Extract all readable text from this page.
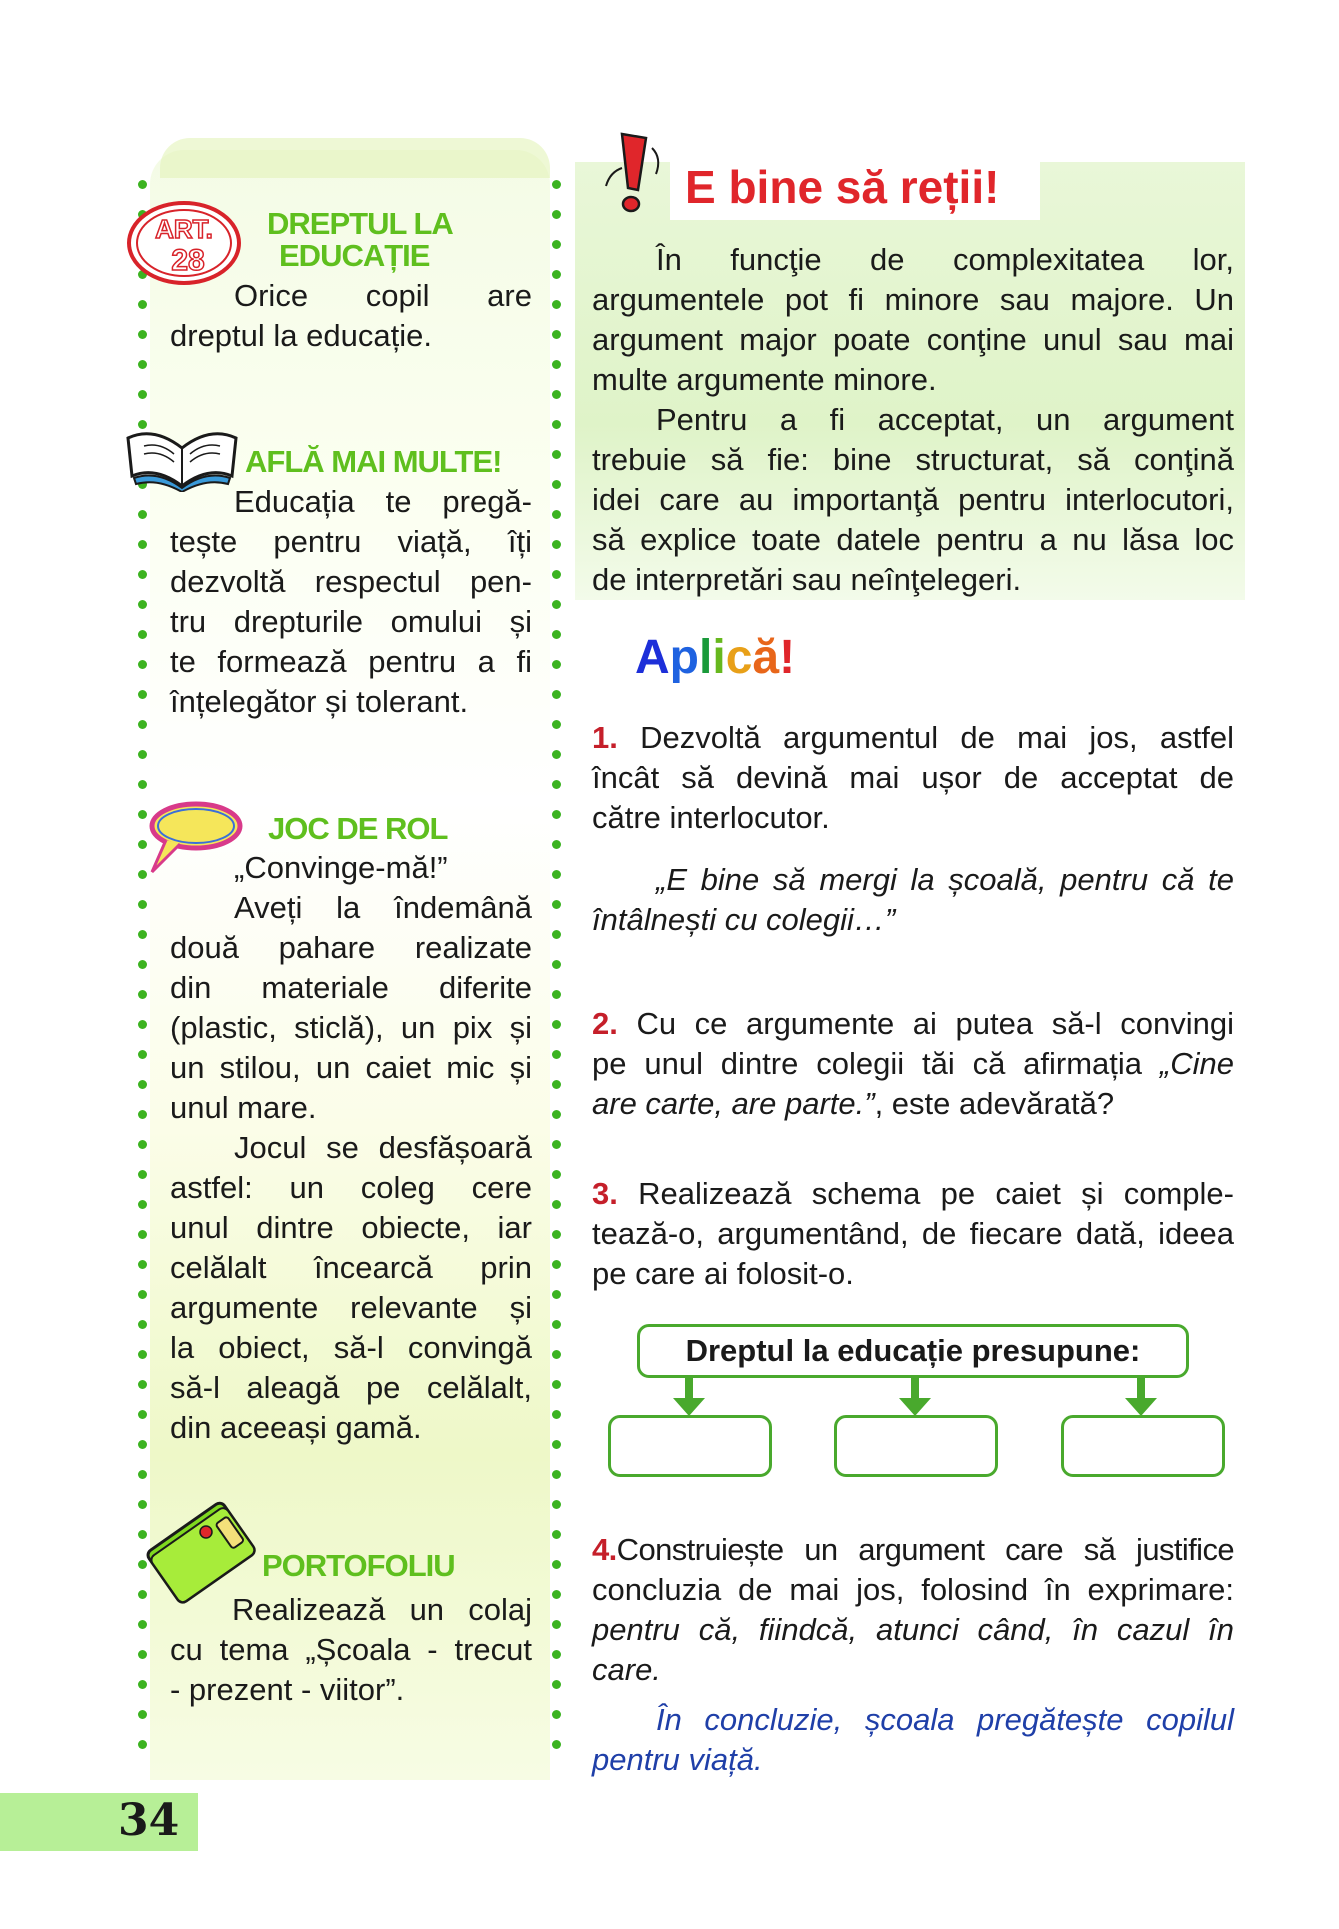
ART.
28
DREPTUL LA
EDUCAȚIE
Orice copil are
dreptul la educație.
AFLĂ MAI MULTE!
Educația te pregă-
tește pentru viață, îți
dezvoltă respectul pen-
tru drepturile omului și
te formează pentru a fi
înțelegător și tolerant.
JOC DE ROL
„Convinge-mă!”
Aveți la îndemână
două pahare realizate
din materiale diferite
(plastic, sticlă), un pix și
un stilou, un caiet mic și
unul mare.
Jocul se desfășoară
astfel: un coleg cere
unul dintre obiecte, iar
celălalt încearcă prin
argumente relevante și
la obiect, să-l convingă
să-l aleagă pe celălalt,
din aceeași gamă.
PORTOFOLIU
Realizează un colaj
cu tema „Școala - trecut
- prezent - viitor”.
E bine să reții!
În funcţie de complexitatea lor,
argumentele pot fi minore sau majore. Un
argument major poate conţine unul sau mai
multe argumente minore.
Pentru a fi acceptat, un argument
trebuie să fie: bine structurat, să conţină
idei care au importanţă pentru interlocutori,
să explice toate datele pentru a nu lăsa loc
de interpretări sau neînţelegeri.
Aplică!
1. Dezvoltă argumentul de mai jos, astfel
încât să devină mai ușor de acceptat de
către interlocutor.
„E bine să mergi la școală, pentru că te
întâlnești cu colegii…”
2. Cu ce argumente ai putea să-l convingi
pe unul dintre colegii tăi că afirmația „Cine
are carte, are parte.”, este adevărată?
3. Realizează schema pe caiet și comple-
tează-o, argumentând, de fiecare dată, ideea
pe care ai folosit-o.
Dreptul la educație presupune:
4.Construiește un argument care să justifice
concluzia de mai jos, folosind în exprimare:
pentru că, fiindcă, atunci când, în cazul în
care.
În concluzie, școala pregătește copilul
pentru viață.
34
